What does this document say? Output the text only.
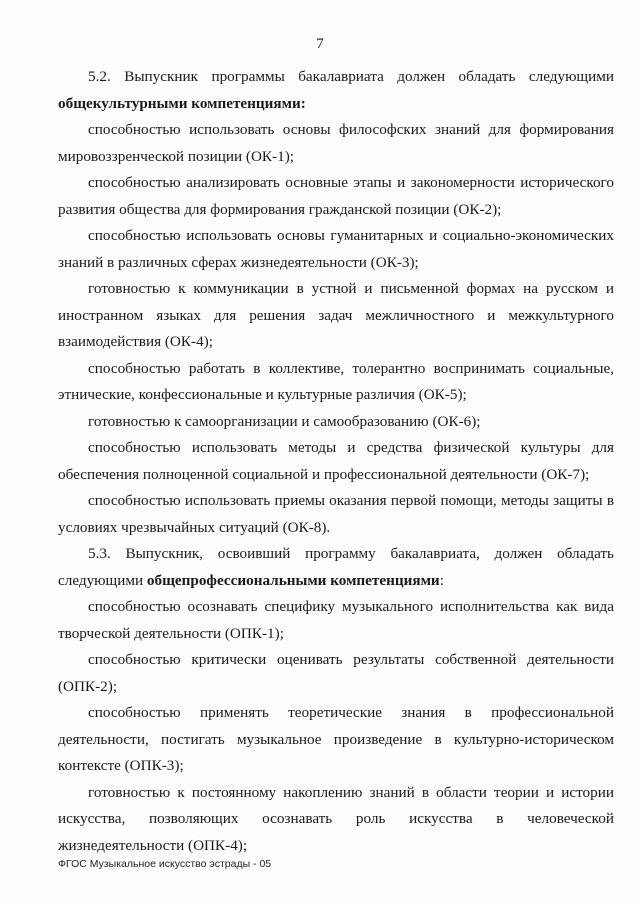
7

5.2. Выпускник программы бакалавриата должен обладать следующими общекультурными компетенциями:

способностью использовать основы философских знаний для формирования мировоззренческой позиции (ОК-1);

способностью анализировать основные этапы и закономерности исторического развития общества для формирования гражданской позиции (ОК-2);

способностью использовать основы гуманитарных и социально-экономических знаний в различных сферах жизнедеятельности (ОК-3);

готовностью к коммуникации в устной и письменной формах на русском и иностранном языках для решения задач межличностного и межкультурного взаимодействия (ОК-4);

способностью работать в коллективе, толерантно воспринимать социальные, этнические, конфессиональные и культурные различия (ОК-5);

готовностью к самоорганизации и самообразованию (ОК-6);

способностью использовать методы и средства физической культуры для обеспечения полноценной социальной и профессиональной деятельности (ОК-7);

способностью использовать приемы оказания первой помощи, методы защиты в условиях чрезвычайных ситуаций (ОК-8).

5.3. Выпускник, освоивший программу бакалавриата, должен обладать следующими общепрофессиональными компетенциями:

способностью осознавать специфику музыкального исполнительства как вида творческой деятельности (ОПК-1);

способностью критически оценивать результаты собственной деятельности (ОПК-2);

способностью применять теоретические знания в профессиональной деятельности, постигать музыкальное произведение в культурно-историческом контексте (ОПК-3);

готовностью к постоянному накоплению знаний в области теории и истории искусства, позволяющих осознавать роль искусства в человеческой жизнедеятельности (ОПК-4);

ФГОС Музыкальное искусство эстрады - 05
